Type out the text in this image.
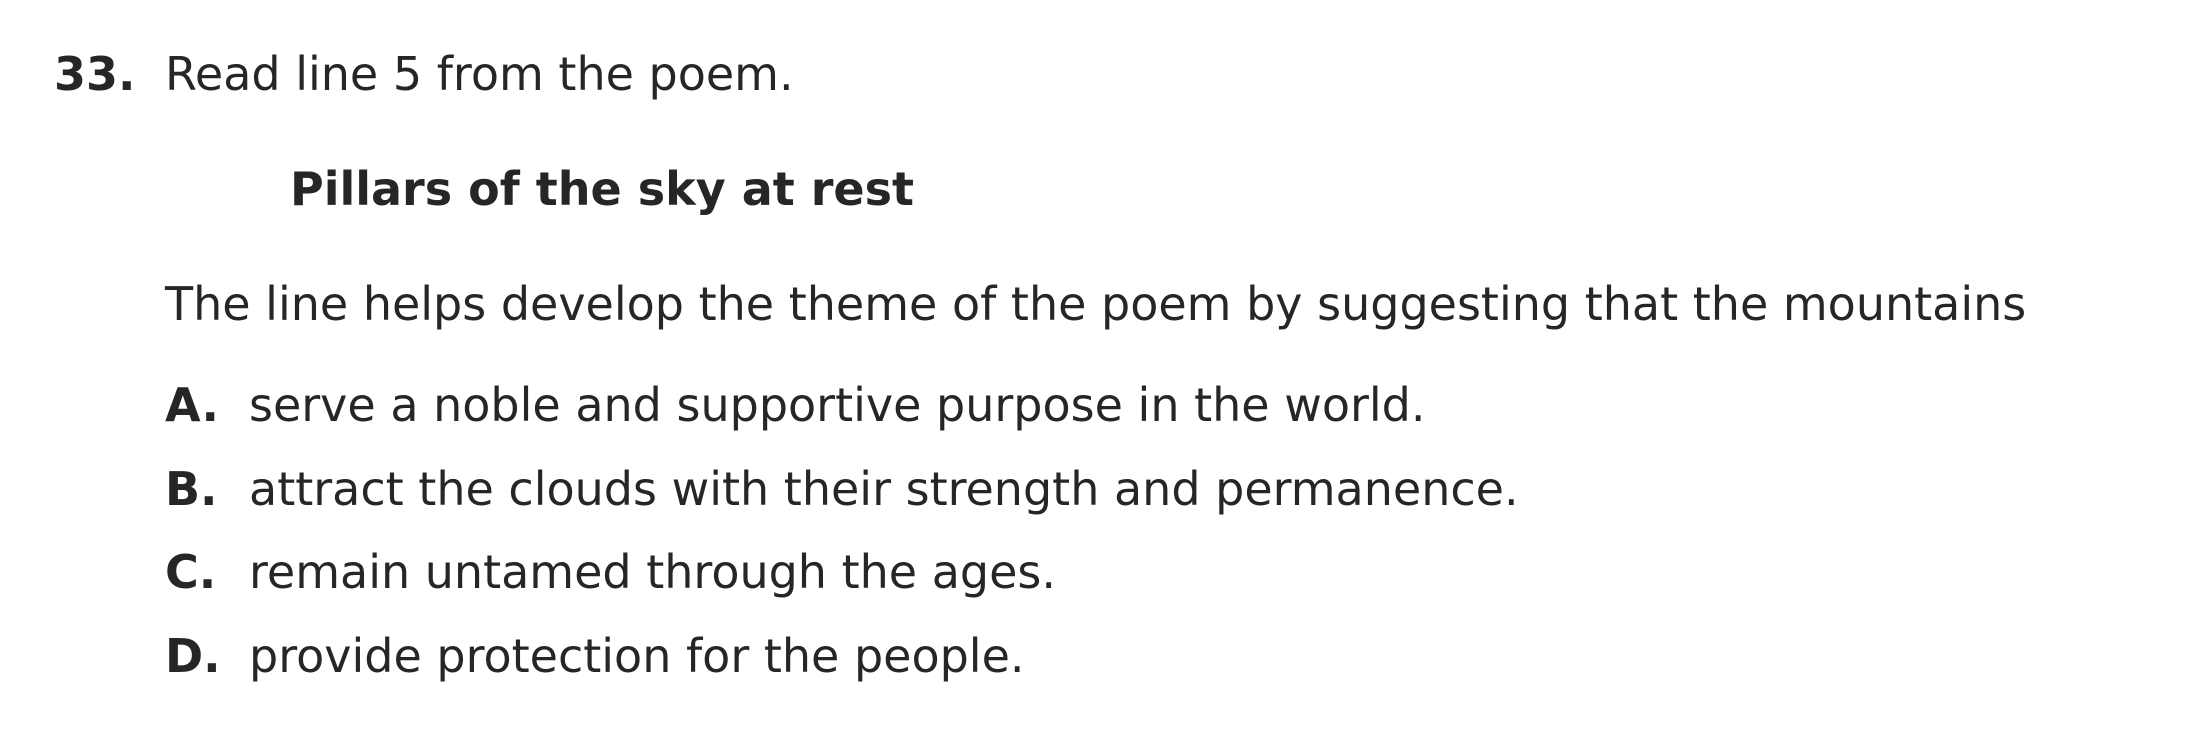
33. Read line 5 from the poem.
Pillars of the sky at rest
The line helps develop the theme of the poem by suggesting that the mountains
A. serve a noble and supportive purpose in the world.
B. attract the clouds with their strength and permanence.
C. remain untamed through the ages.
D. provide protection for the people.
